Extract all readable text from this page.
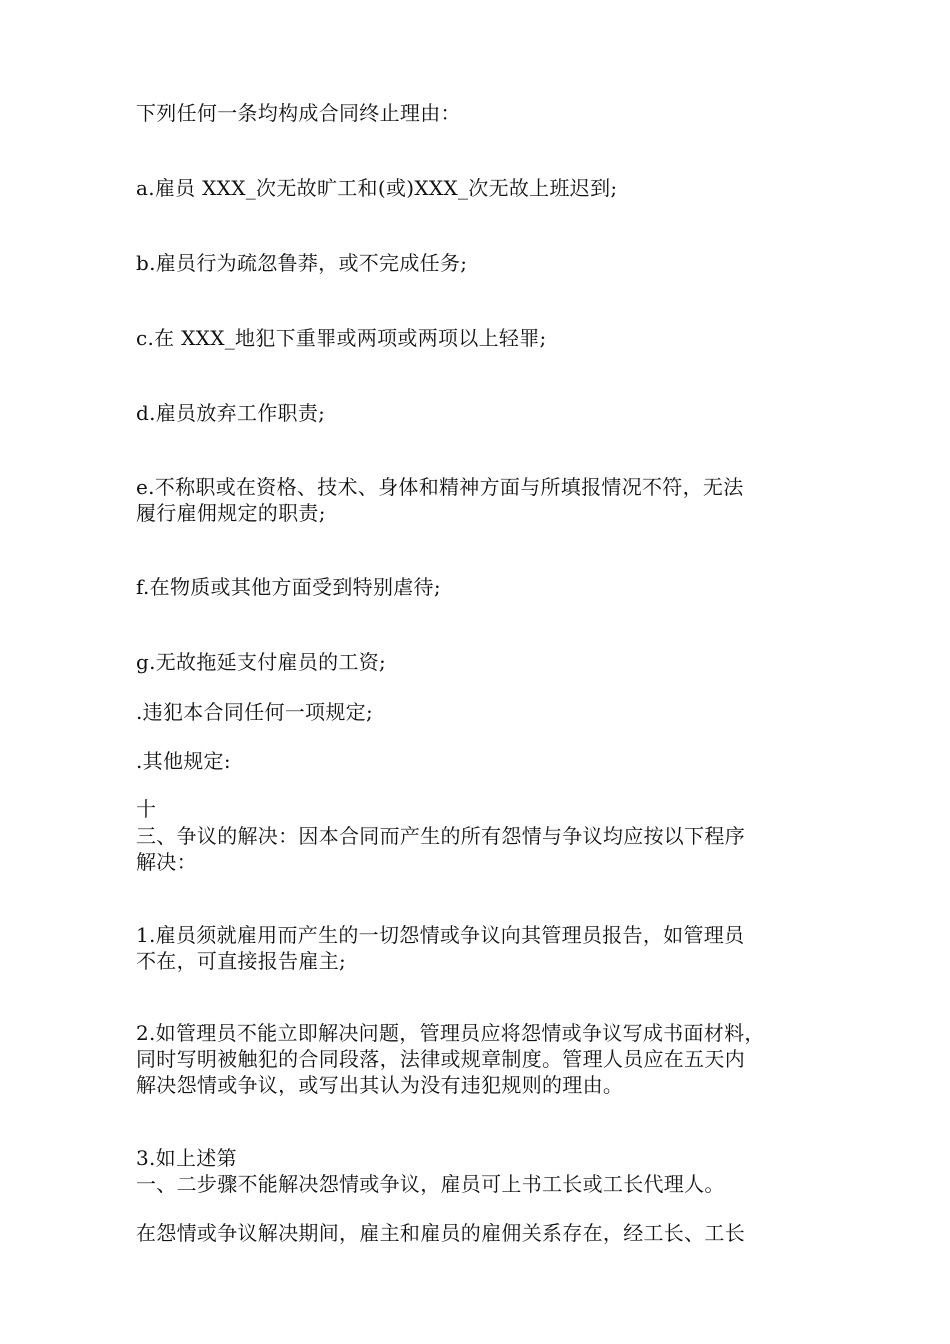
下列任何一条均构成合同终止理由：

a.雇员 XXX_次无故旷工和(或)XXX_次无故上班迟到;

b.雇员行为疏忽鲁莽，或不完成任务;

c.在 XXX_地犯下重罪或两项或两项以上轻罪;

d.雇员放弃工作职责;

e.不称职或在资格、技术、身体和精神方面与所填报情况不符，无法

履行雇佣规定的职责;

f.在物质或其他方面受到特别虐待;

g.无故拖延支付雇员的工资;

.违犯本合同任何一项规定;

.其他规定:

十

三、争议的解决：因本合同而产生的所有怨情与争议均应按以下程序

解决：

1.雇员须就雇用而产生的一切怨情或争议向其管理员报告，如管理员

不在，可直接报告雇主;

2.如管理员不能立即解决问题，管理员应将怨情或争议写成书面材料，

同时写明被触犯的合同段落，法律或规章制度。管理人员应在五天内

解决怨情或争议，或写出其认为没有违犯规则的理由。

3.如上述第

一、二步骤不能解决怨情或争议，雇员可上书工长或工长代理人。

在怨情或争议解决期间，雇主和雇员的雇佣关系存在，经工长、工长
